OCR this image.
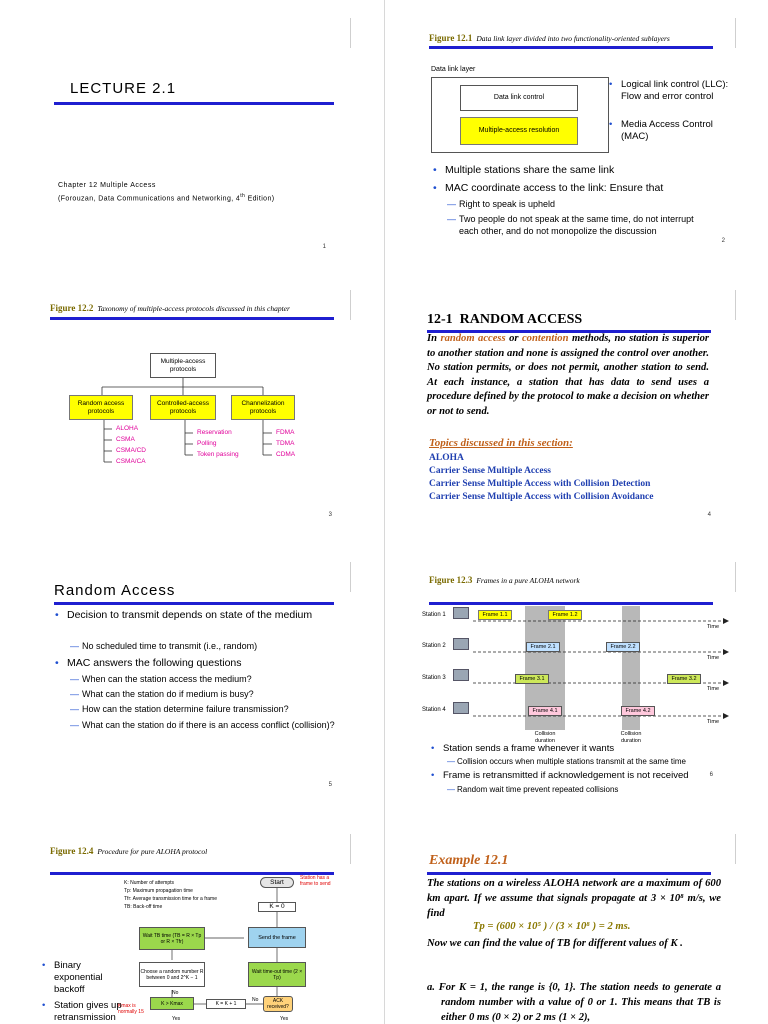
LECTURE 2.1
Chapter 12 Multiple Access
(Forouzan, Data Communications and Networking, 4th Edition)
1
Figure 12.1 Data link layer divided into two functionality-oriented sublayers
Data link layer
Data link control
Multiple-access resolution
• Logical link control (LLC): Flow and error control
• Media Access Control (MAC)
• Multiple stations share the same link
• MAC coordinate access to the link: Ensure that
— Right to speak is upheld
— Two people do not speak at the same time, do not interrupt each other, and do not monopolize the discussion
2
Figure 12.2 Taxonomy of multiple-access protocols discussed in this chapter
Multiple-access protocols
Random access protocols
Controlled-access protocols
Channelization protocols
ALOHA
CSMA
CSMA/CD
CSMA/CA
Reservation
Polling
Token passing
FDMA
TDMA
CDMA
3
12-1  RANDOM ACCESS
In random access or contention methods, no station is superior to another station and none is assigned the control over another. No station permits, or does not permit, another station to send. At each instance, a station that has data to send uses a procedure defined by the protocol to make a decision on whether or not to send.
Topics discussed in this section:
ALOHA
Carrier Sense Multiple Access
Carrier Sense Multiple Access with Collision Detection
Carrier Sense Multiple Access with Collision Avoidance
4
Random Access
• Decision to transmit depends on state of the medium
— No scheduled time to transmit (i.e., random)
• MAC answers the following questions
— When can the station access the medium?
— What can the station do if medium is busy?
— How can the station determine failure transmission?
— What can the station do if there is an access conflict (collision)?
5
Figure 12.3 Frames in a pure ALOHA network
Station 1
Station 2
Station 3
Station 4
Frame 1.1	Frame 1.2
Frame 2.1	Frame 2.2
Frame 3.1	Frame 3.2
Frame 4.1	Frame 4.2
Time
Time
Time
Time
Collision duration
Collision duration
• Station sends a frame whenever it wants
— Collision occurs when multiple stations transmit at the same time
• Frame is retransmitted if acknowledgement is not received
— Random wait time prevent repeated collisions
6
Figure 12.4 Procedure for pure ALOHA protocol
K: Number of attempts
Tp: Maximum propagation time
Tfr: Average transmission time for a frame
TB: Back-off time
Start
Station has a frame to send
K = 0
Wait TB time (TB = R × Tp or R × Tfr)
Send the frame
Choose a random number R between 0 and 2^K − 1
Wait time-out time (2 × Tp)
No
K > Kmax	K = K + 1
No	ACK received?
Kmax is normally 15
Yes	Yes
• Binary exponential backoff
• Station gives up retransmission
Example 12.1
The stations on a wireless ALOHA network are a maximum of 600 km apart. If we assume that signals propagate at 3 × 10⁸ m/s, we find
Tp = (600 × 10⁵ ) / (3 × 10⁸ ) = 2 ms.
Now we can find the value of TB for different values of K .
a. For K = 1, the range is {0, 1}. The station needs to generate a random number with a value of 0 or 1. This means that TB is either 0 ms (0 × 2) or 2 ms (1 × 2),
